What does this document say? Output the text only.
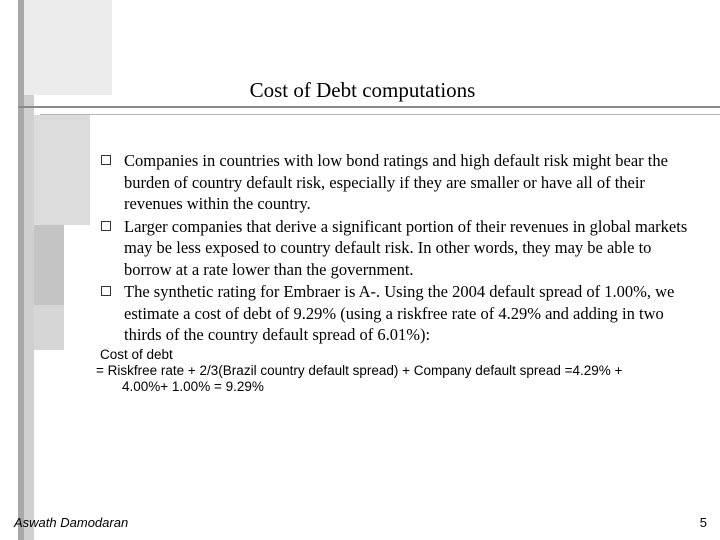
Cost of Debt computations
Companies in countries with low bond ratings and high default risk might bear the burden of country default risk, especially if they are smaller or have all of their revenues within the country.
Larger companies that derive a significant portion of their revenues in global markets may be less exposed to country default risk. In other words, they may be able to borrow at a rate lower than the government.
The synthetic rating for Embraer is A-. Using the 2004 default spread of 1.00%, we estimate a cost of debt of 9.29% (using a riskfree rate of 4.29% and adding in two thirds of the country default spread of 6.01%):
Cost of debt
= Riskfree rate + 2/3(Brazil country default spread) + Company default spread =4.29% +
4.00%+ 1.00% = 9.29%
Aswath Damodaran	5
